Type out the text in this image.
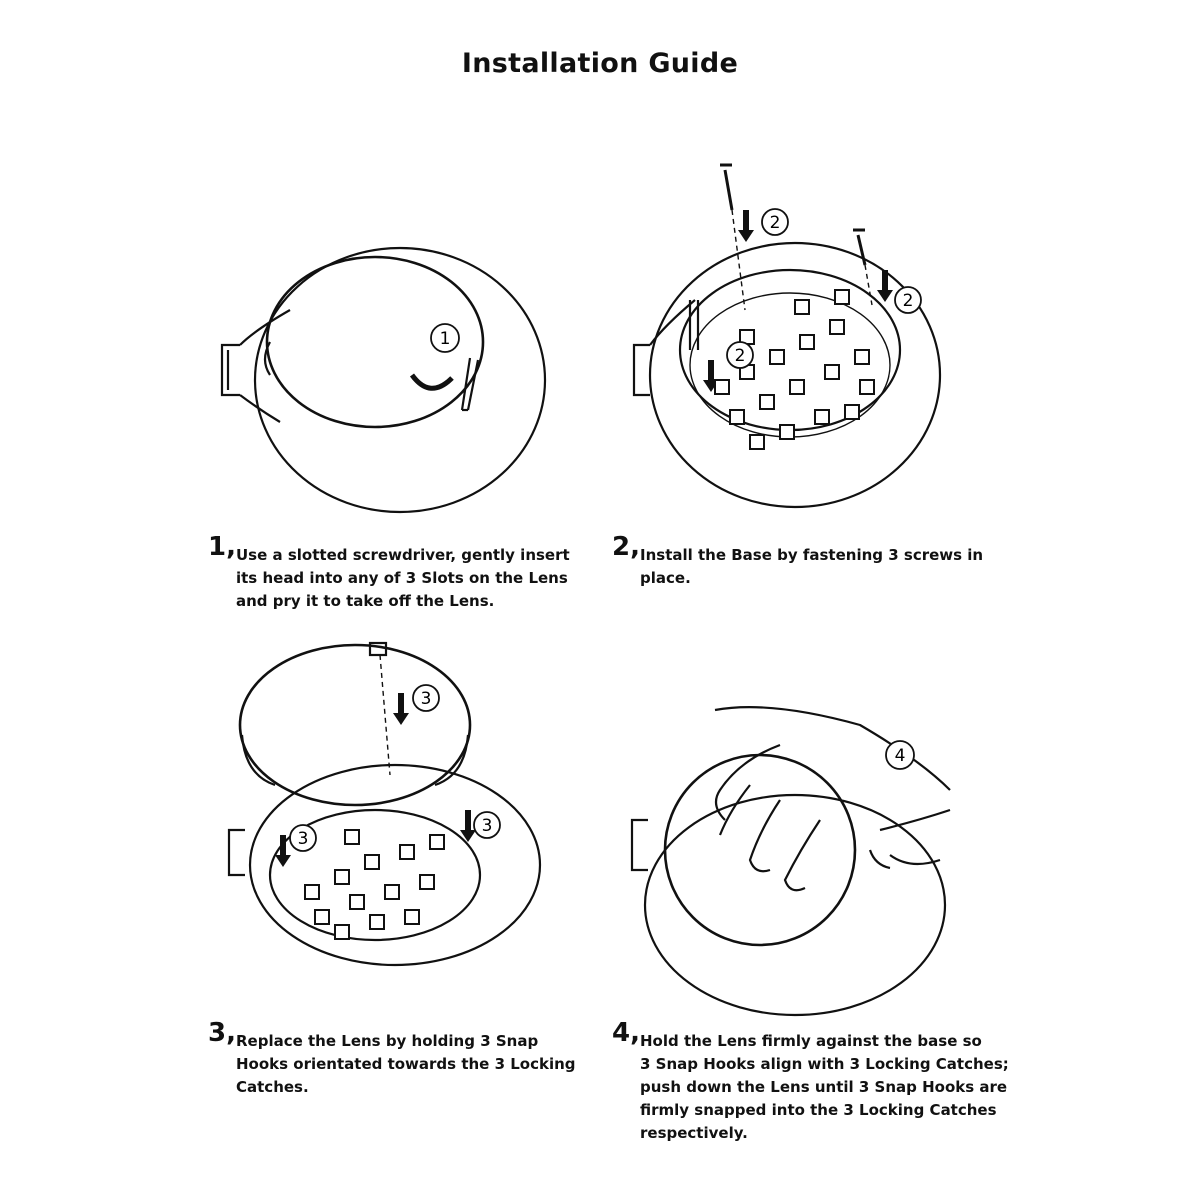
Installation Guide
1
2
2
2
3
3
3
4
1, Use a slotted screwdriver, gently insert
its head into any of 3 Slots on the Lens
and pry it to take off the Lens.
2, Install the Base by fastening 3 screws in
place.
3, Replace the Lens by holding 3 Snap
Hooks orientated towards the 3 Locking
Catches.
4, Hold the Lens firmly against the base so
3 Snap Hooks align with 3 Locking Catches;
push down the Lens until 3 Snap Hooks are
firmly snapped into the 3 Locking Catches
respectively.
